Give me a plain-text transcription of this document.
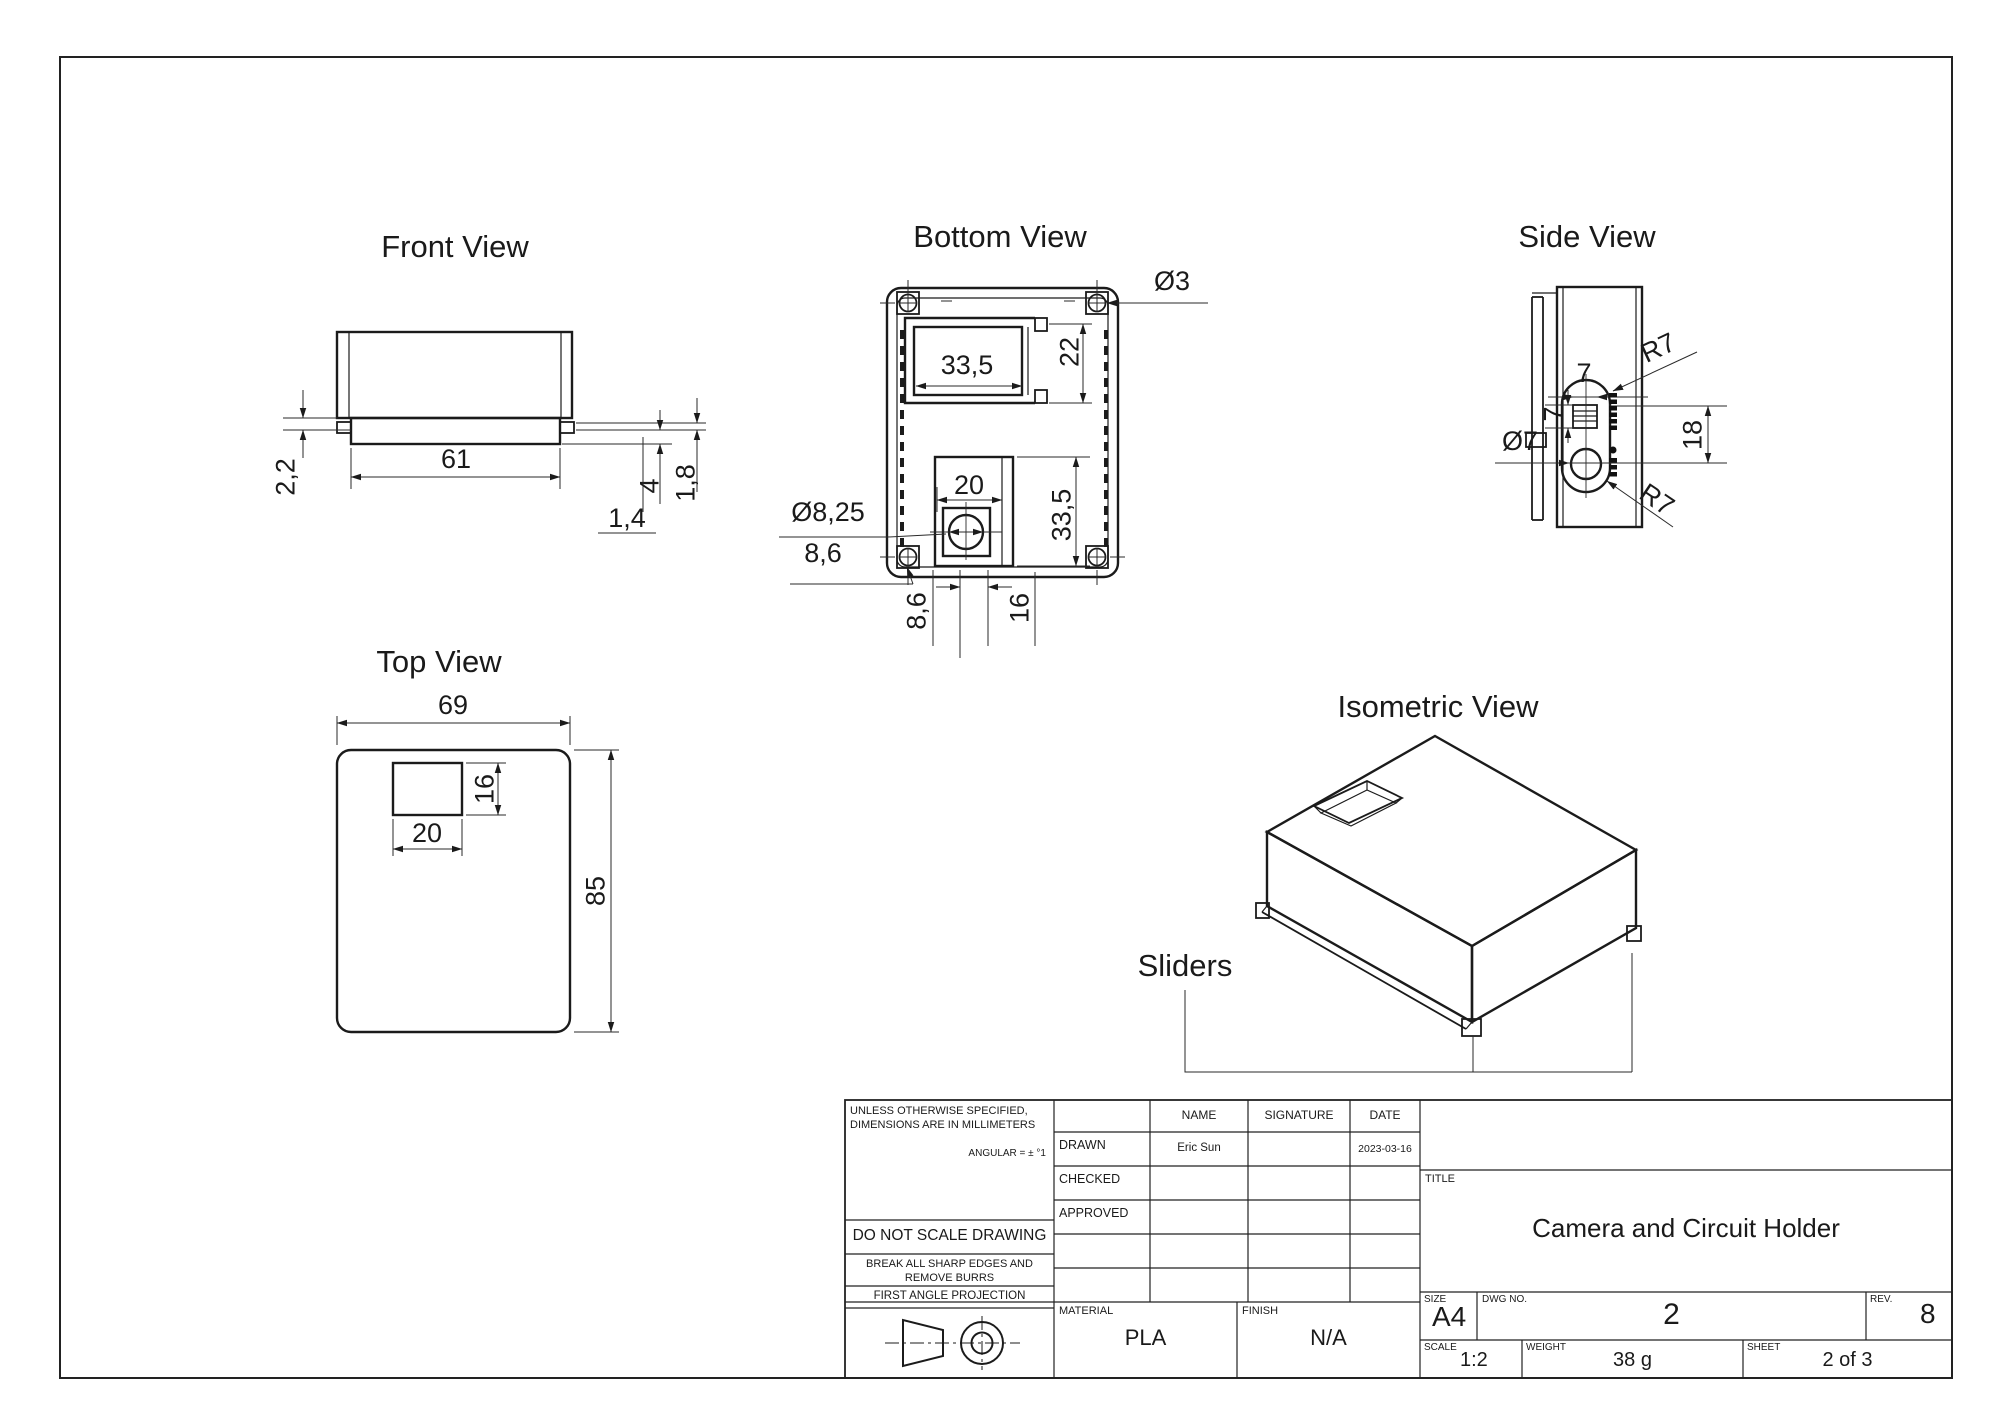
Front View
61
2,2	4 1,8
1,4
Bottom View
33,5 22
20
33,5
8,6	16
Ø8,25
8,6
Ø3
Side View
18
7
7
Ø7
R7
R7
Top View
69
16
20
85
Isometric View
Sliders
UNLESS OTHERWISE SPECIFIED,
DIMENSIONS ARE IN MILLIMETERS
ANGULAR = ± °1
DO NOT SCALE DRAWING
BREAK ALL SHARP EDGES AND
REMOVE BURRS
FIRST ANGLE PROJECTION
NAME	SIGNATURE	DATE
DRAWN	Eric Sun	2023-03-16
CHECKED
APPROVED
MATERIAL
PLA
FINISH
N/A
TITLE
Camera and Circuit Holder
SIZE
A4
DWG NO.	2	REV. 8
SCALE
1:2
WEIGHT
38 g
SHEET
2 of 3
